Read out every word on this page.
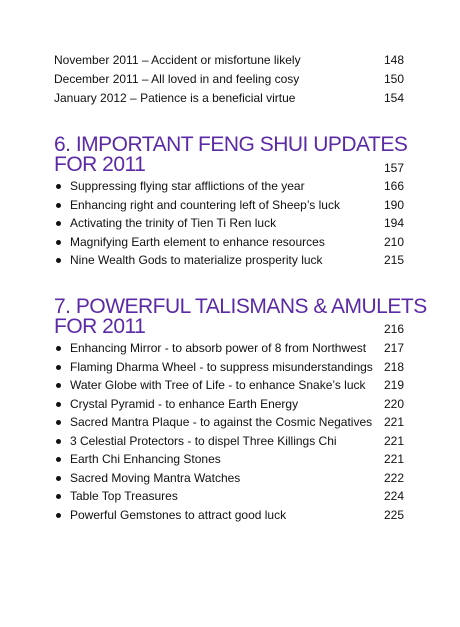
November 2011 – Accident or misfortune likely	148
December 2011 – All loved in and feeling cosy	150
January 2012 – Patience is a beneficial virtue	154
6. IMPORTANT FENG SHUI UPDATES
FOR 2011	157
Suppressing flying star afflictions of the year	166
Enhancing right and countering left of Sheep’s luck	190
Activating the trinity of Tien Ti Ren luck	194
Magnifying Earth element to enhance resources	210
Nine Wealth Gods to materialize prosperity luck	215
7. POWERFUL TALISMANS & AMULETS
FOR 2011	216
Enhancing Mirror - to absorb power of 8 from Northwest 217
Flaming Dharma Wheel - to suppress misunderstandings 218
Water Globe with Tree of Life - to enhance Snake’s luck 219
Crystal Pyramid - to enhance Earth Energy	220
Sacred Mantra Plaque - to against the Cosmic Negatives 221
3 Celestial Protectors - to dispel Three Killings Chi	221
Earth Chi Enhancing Stones	221
Sacred Moving Mantra Watches	222
Table Top Treasures	224
Powerful Gemstones to attract good luck	225
